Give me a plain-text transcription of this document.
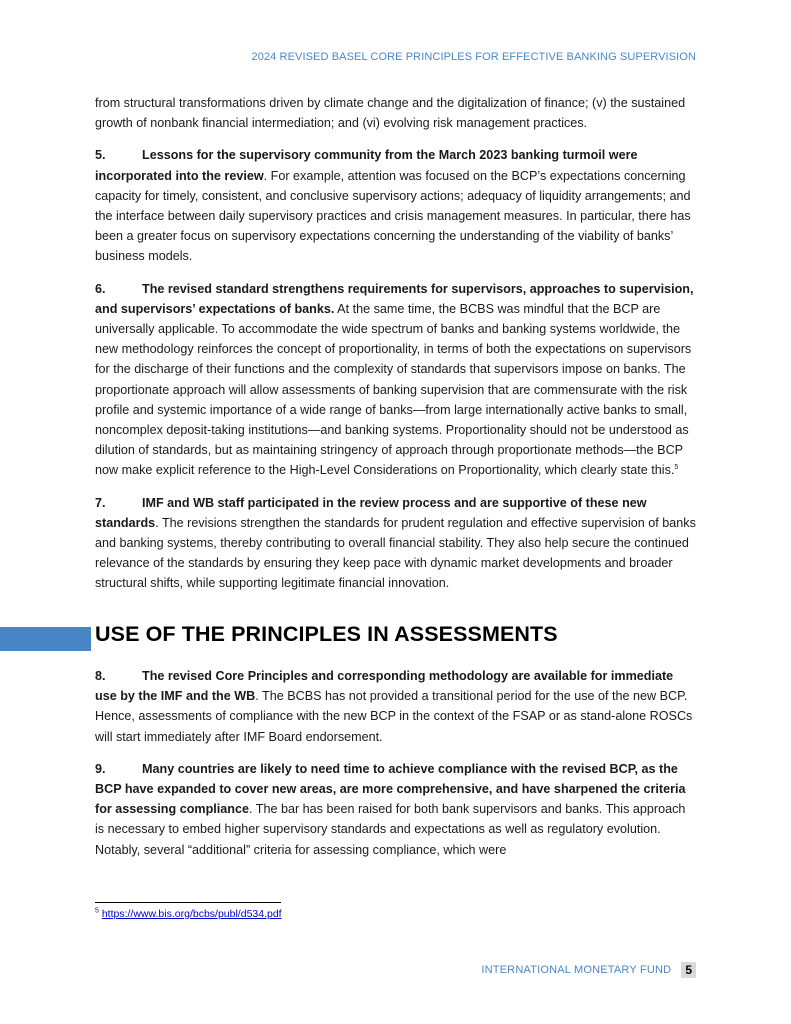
2024 REVISED BASEL CORE PRINCIPLES FOR EFFECTIVE BANKING SUPERVISION

from structural transformations driven by climate change and the digitalization of finance; (v) the sustained growth of nonbank financial intermediation; and (vi) evolving risk management practices.

5.	Lessons for the supervisory community from the March 2023 banking turmoil were incorporated into the review. For example, attention was focused on the BCP’s expectations concerning capacity for timely, consistent, and conclusive supervisory actions; adequacy of liquidity arrangements; and the interface between daily supervisory practices and crisis management measures. In particular, there has been a greater focus on supervisory expectations concerning the understanding of the viability of banks’ business models.

6.	The revised standard strengthens requirements for supervisors, approaches to supervision, and supervisors’ expectations of banks. At the same time, the BCBS was mindful that the BCP are universally applicable. To accommodate the wide spectrum of banks and banking systems worldwide, the new methodology reinforces the concept of proportionality, in terms of both the expectations on supervisors for the discharge of their functions and the complexity of standards that supervisors impose on banks. The proportionate approach will allow assessments of banking supervision that are commensurate with the risk profile and systemic importance of a wide range of banks—from large internationally active banks to small, noncomplex deposit-taking institutions—and banking systems. Proportionality should not be understood as dilution of standards, but as maintaining stringency of approach through proportionate methods—the BCP now make explicit reference to the High-Level Considerations on Proportionality, which clearly state this.$^5$

7.	IMF and WB staff participated in the review process and are supportive of these new standards. The revisions strengthen the standards for prudent regulation and effective supervision of banks and banking systems, thereby contributing to overall financial stability. They also help secure the continued relevance of the standards by ensuring they keep pace with dynamic market developments and broader structural shifts, while supporting legitimate financial innovation.

USE OF THE PRINCIPLES IN ASSESSMENTS

8.	The revised Core Principles and corresponding methodology are available for immediate use by the IMF and the WB. The BCBS has not provided a transitional period for the use of the new BCP. Hence, assessments of compliance with the new BCP in the context of the FSAP or as stand-alone ROSCs will start immediately after IMF Board endorsement.

9.	Many countries are likely to need time to achieve compliance with the revised BCP, as the BCP have expanded to cover new areas, are more comprehensive, and have sharpened the criteria for assessing compliance. The bar has been raised for both bank supervisors and banks. This approach is necessary to embed higher supervisory standards and expectations as well as regulatory evolution. Notably, several “additional” criteria for assessing compliance, which were

$^5$ https://www.bis.org/bcbs/publ/d534.pdf
INTERNATIONAL MONETARY FUND	5
